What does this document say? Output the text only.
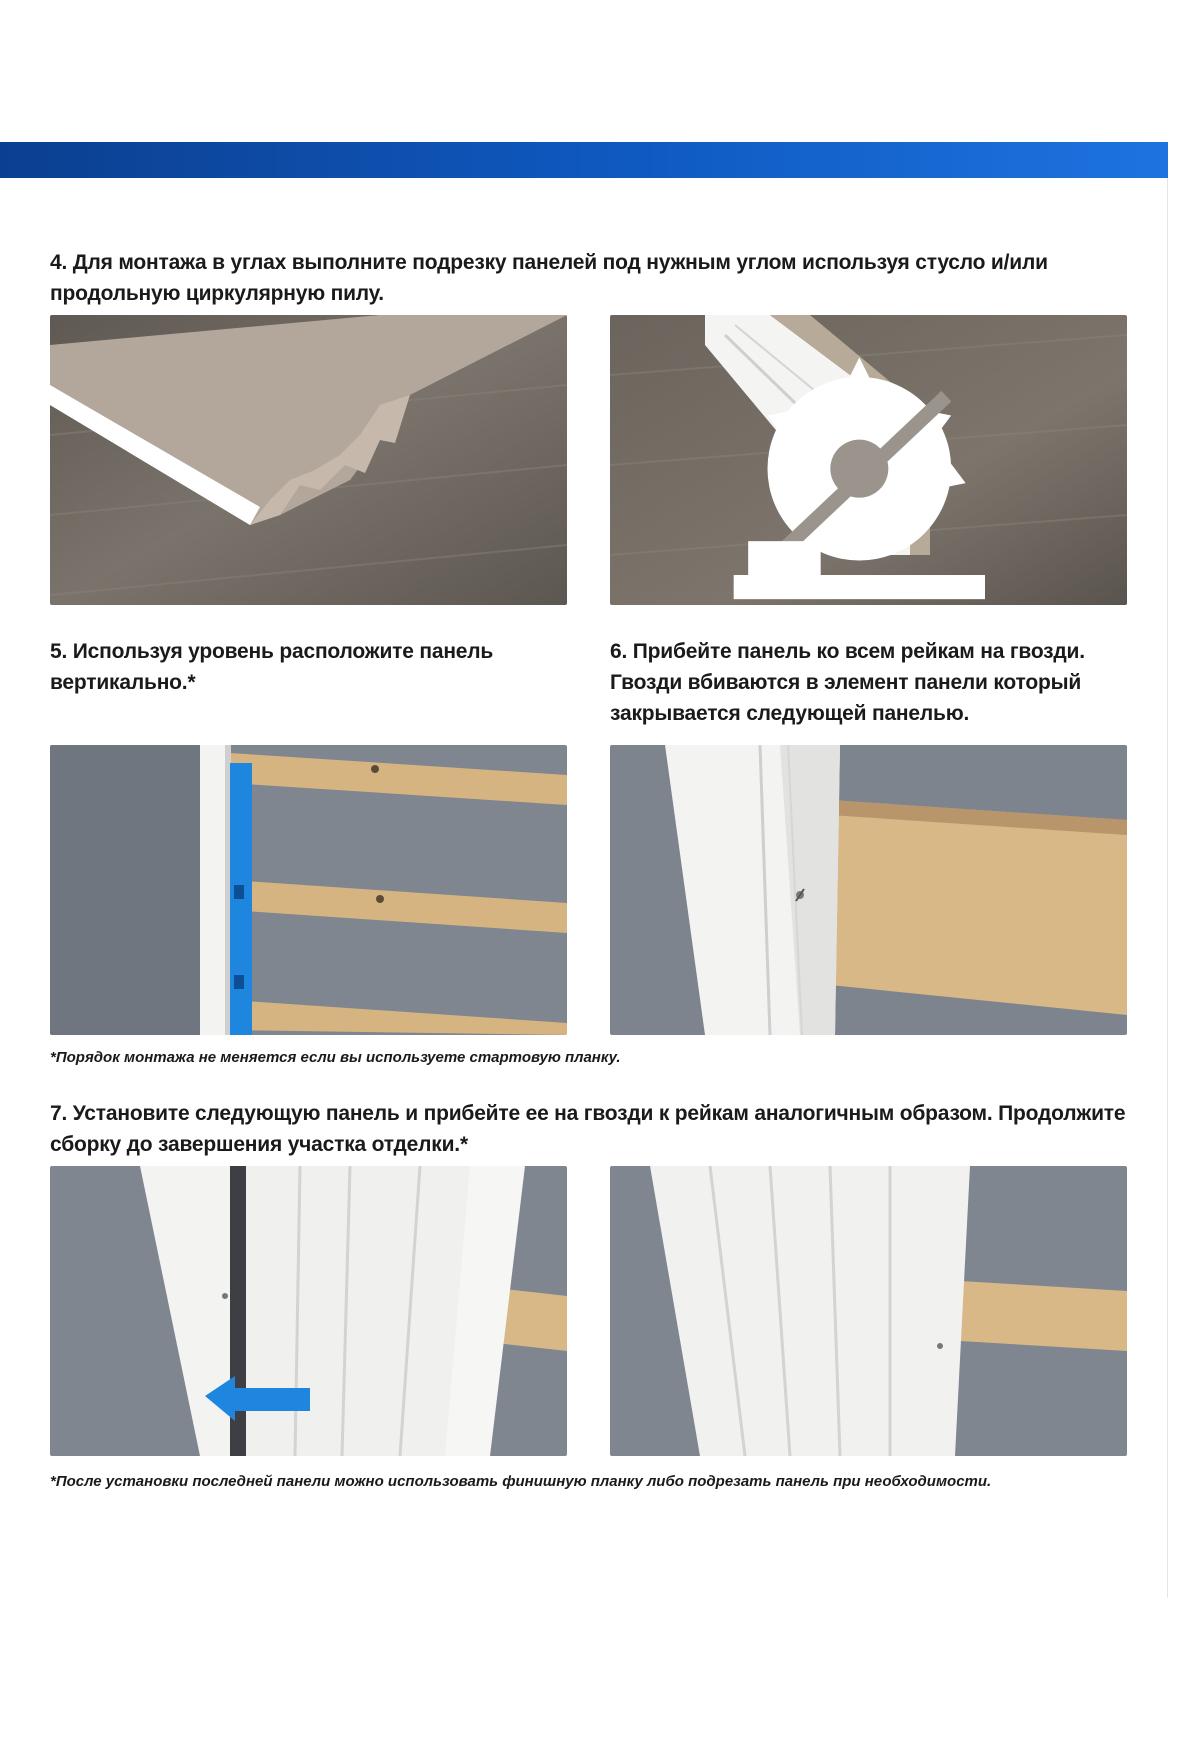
4. Для монтажа в углах выполните подрезку панелей под нужным углом используя стусло и/или продольную циркулярную пилу.
5. Используя уровень расположите панель вертикально.*
6. Прибейте панель ко всем рейкам на гвозди. Гвозди вбиваются в элемент панели который закрывается следующей панелью.
*Порядок монтажа не меняется если вы используете стартовую планку.
7. Установите следующую панель и прибейте ее на гвозди к рейкам аналогичным образом. Продолжите сборку до завершения участка отделки.*
*После установки последней панели можно использовать финишную планку либо подрезать панель при необходимости.
